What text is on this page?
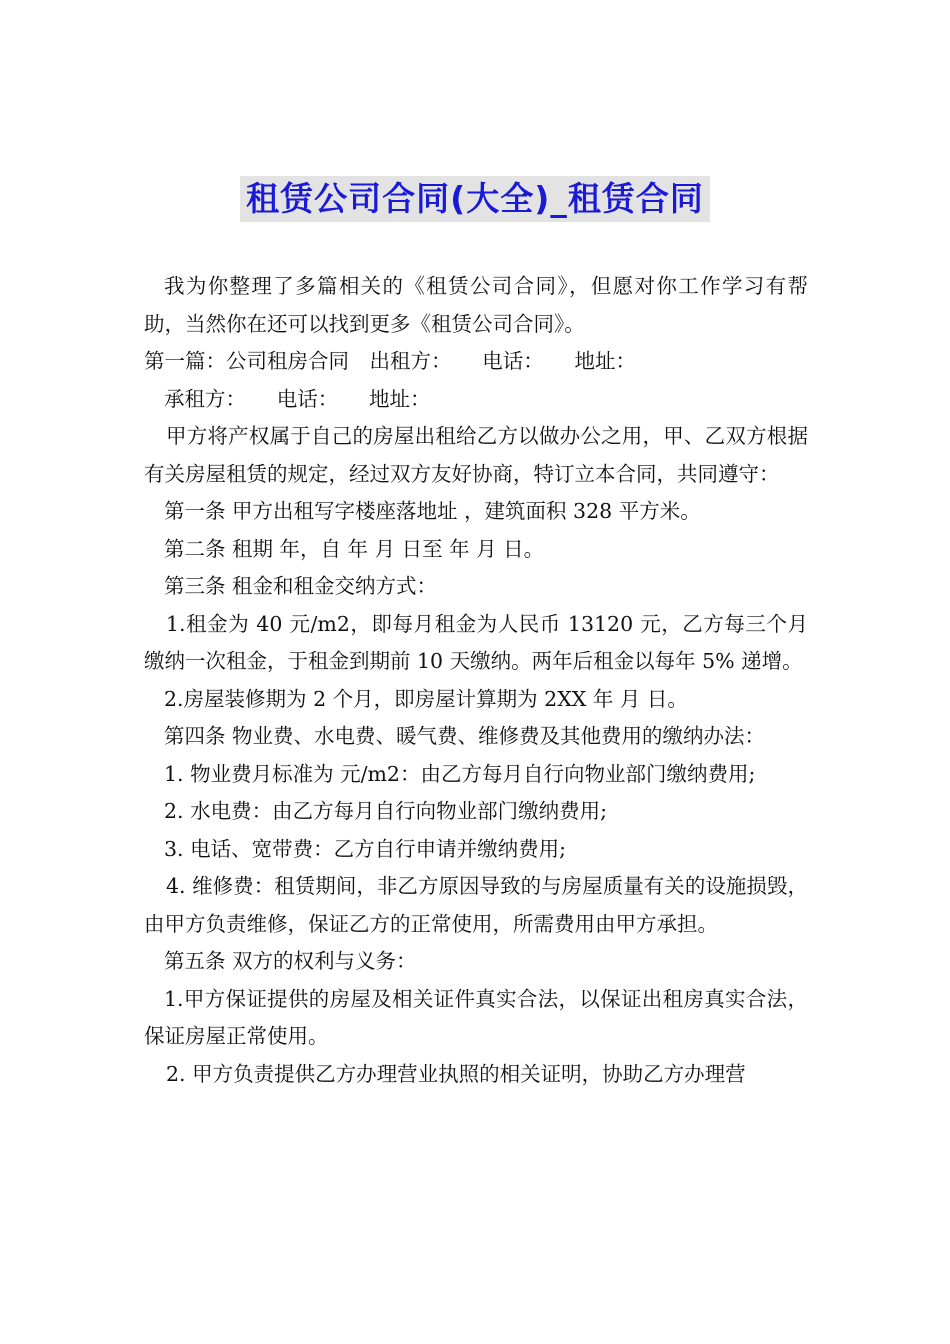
租赁公司合同(大全)_租赁合同

我为你整理了多篇相关的《租赁公司合同》，但愿对你工作学习有帮助，当然你在还可以找到更多《租赁公司合同》。

第一篇：公司租房合同　出租方：　　电话：　　地址：

承租方：　　电话：　　地址：

甲方将产权属于自己的房屋出租给乙方以做办公之用，甲、乙双方根据有关房屋租赁的规定，经过双方友好协商，特订立本合同，共同遵守：

第一条 甲方出租写字楼座落地址 ，建筑面积 328 平方米。

第二条 租期 年，自 年 月 日至 年 月 日。

第三条 租金和租金交纳方式：

1.租金为 40 元/m2，即每月租金为人民币 13120 元，乙方每三个月缴纳一次租金，于租金到期前 10 天缴纳。两年后租金以每年 5% 递增。

2.房屋装修期为 2 个月，即房屋计算期为 2XX 年 月 日。

第四条 物业费、水电费、暖气费、维修费及其他费用的缴纳办法：

1. 物业费月标准为 元/m2：由乙方每月自行向物业部门缴纳费用;

2. 水电费：由乙方每月自行向物业部门缴纳费用;

3. 电话、宽带费：乙方自行申请并缴纳费用;

4. 维修费：租赁期间，非乙方原因导致的与房屋质量有关的设施损毁，由甲方负责维修，保证乙方的正常使用，所需费用由甲方承担。

第五条 双方的权利与义务：

1.甲方保证提供的房屋及相关证件真实合法，以保证出租房真实合法，保证房屋正常使用。

2. 甲方负责提供乙方办理营业执照的相关证明，协助乙方办理营
